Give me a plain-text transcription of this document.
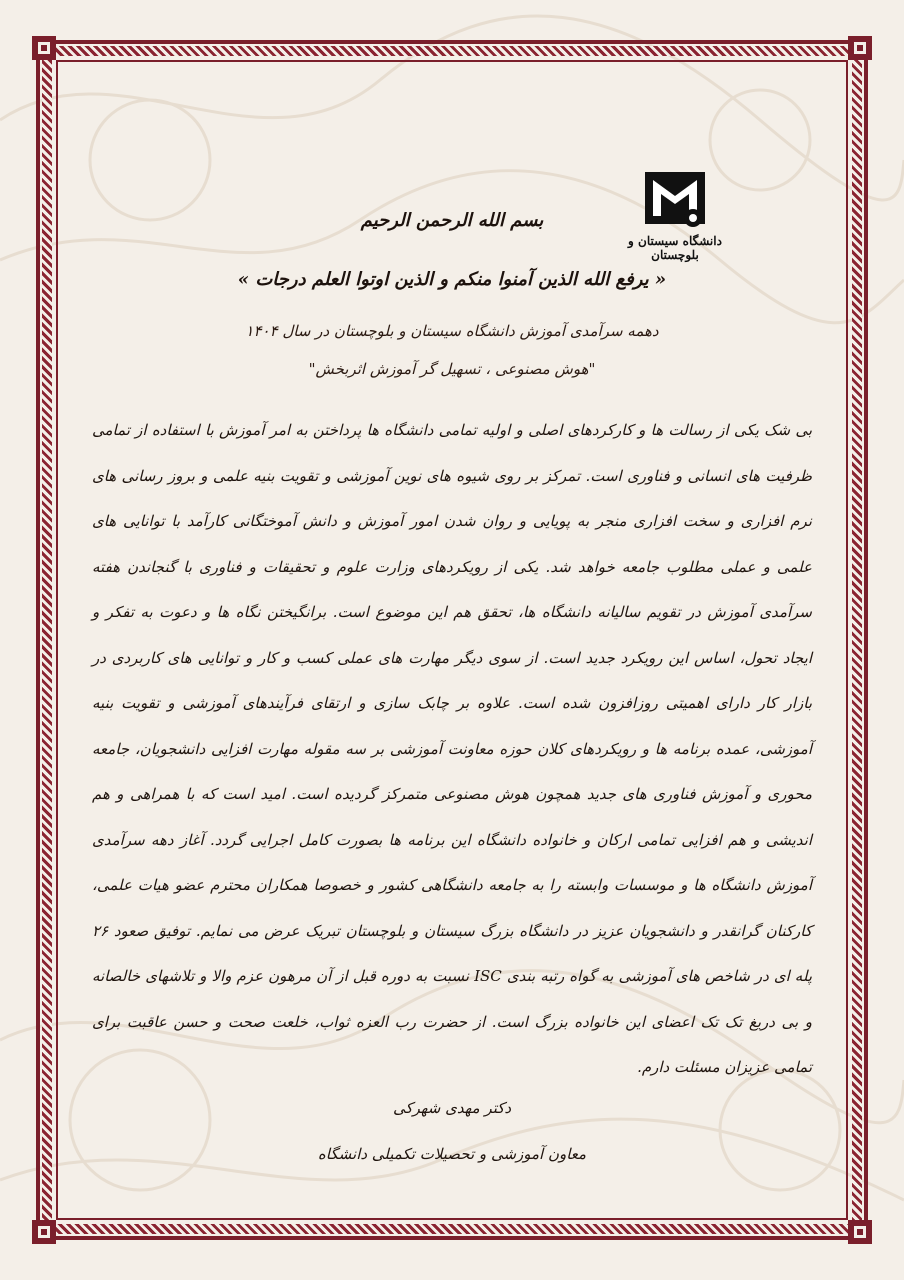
دانشگاه سیستان و بلوچستان
بسم الله الرحمن الرحیم
« یرفع الله الذین آمنوا منکم و الذین اوتوا العلم درجات »
دهمه سرآمدی آموزش دانشگاه سیستان و بلوچستان در سال ۱۴۰۴
"هوش مصنوعی ، تسهیل گر آموزش اثربخش"

بی شک یکی از رسالت ها و کارکردهای اصلی و اولیه تمامی دانشگاه ها پرداختن به امر آموزش با استفاده از تمامی ظرفیت های انسانی و فناوری است. تمرکز بر روی شیوه های نوین آموزشی و تقویت بنیه علمی و بروز رسانی های نرم افزاری و سخت افزاری منجر به پویایی و روان شدن امور آموزش و دانش آموختگانی کارآمد با توانایی های علمی و عملی مطلوب جامعه خواهد شد. یکی از رویکردهای وزارت علوم و تحقیقات و فناوری با گنجاندن هفته سرآمدی آموزش در تقویم سالیانه دانشگاه ها، تحقق هم این موضوع است. برانگیختن نگاه ها و دعوت به تفکر و ایجاد تحول، اساس این رویکرد جدید است. از سوی دیگر مهارت های عملی کسب و کار و توانایی های کاربردی در بازار کار دارای اهمیتی روزافزون شده است. علاوه بر چابک سازی و ارتقای فرآیندهای آموزشی و تقویت بنیه آموزشی، عمده برنامه ها و رویکردهای کلان حوزه معاونت آموزشی بر سه مقوله مهارت افزایی دانشجویان، جامعه محوری و آموزش فناوری های جدید همچون هوش مصنوعی متمرکز گردیده است. امید است که با همراهی و هم اندیشی و هم افزایی تمامی ارکان و خانواده دانشگاه این برنامه ها بصورت کامل اجرایی گردد. آغاز دهه سرآمدی آموزش دانشگاه ها و موسسات وابسته را به جامعه دانشگاهی کشور و خصوصا همکاران محترم عضو هیات علمی، کارکنان گرانقدر و دانشجویان عزیز در دانشگاه بزرگ سیستان و بلوچستان تبریک عرض می نمایم. توفیق صعود ۲۶ پله ای در شاخص های آموزشی به گواه رتبه بندی ISC نسبت به دوره قبل از آن مرهون عزم والا و تلاشهای خالصانه و بی دریغ تک تک اعضای این خانواده بزرگ است. از حضرت رب العزه ثواب، خلعت صحت و حسن عاقبت برای تمامی عزیزان مسئلت دارم.

دکتر مهدی شهرکی
معاون آموزشی و تحصیلات تکمیلی دانشگاه
